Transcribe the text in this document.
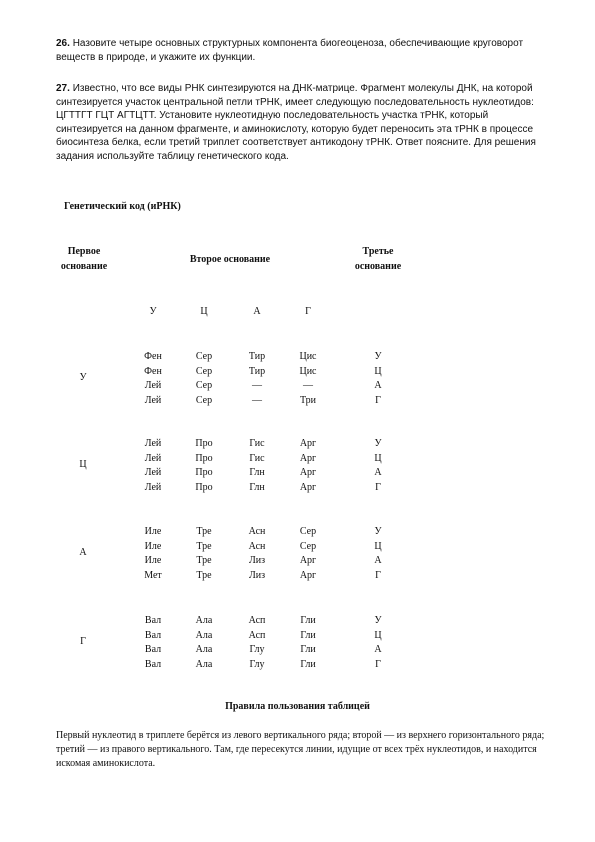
26. Назовите четыре основных структурных компонента биогеоценоза, обеспечивающие круговорот веществ в природе, и укажите их функции.

27. Известно, что все виды РНК синтезируются на ДНК-матрице. Фрагмент молекулы ДНК, на которой синтезируется участок центральной петли тРНК, имеет следующую последовательность нуклеотидов:

ЦГТТГТ ГЦТ АГТЦТТ. Установите нуклеотидную последовательность участка тРНК, который синтезируется на данном фрагменте, и аминокислоту, которую будет переносить эта тРНК в процессе биосинтеза белка, если третий триплет соответствует антикодону тРНК. Ответ поясните. Для решения задания используйте таблицу генетического кода.

Генетический код (иРНК)
Первое основание
Второе основание
Третье основание
У	Ц	А	Г
У
Фен	Сер	Тир	Цис	У
Фен	Сер	Тир	Цис	Ц
Лей	Сер	—	—	А
Лей	Сер	—	Три	Г
Ц
Лей	Про	Гис	Арг	У
Лей	Про	Гис	Арг	Ц
Лей	Про	Глн	Арг	А
Лей	Про	Глн	Арг	Г
А
Иле	Тре	Асн	Сер	У
Иле	Тре	Асн	Сер	Ц
Иле	Тре	Лиз	Арг	А
Мет	Тре	Лиз	Арг	Г
Г
Вал	Ала	Асп	Гли	У
Вал	Ала	Асп	Гли	Ц
Вал	Ала	Глу	Гли	А
Вал	Ала	Глу	Гли	Г
Правила пользования таблицей
Первый нуклеотид в триплете берётся из левого вертикального ряда; второй — из верхнего горизонтального ряда; третий — из правого вертикального. Там, где пересекутся линии, идущие от всех трёх нуклеотидов, и находится искомая аминокислота.
